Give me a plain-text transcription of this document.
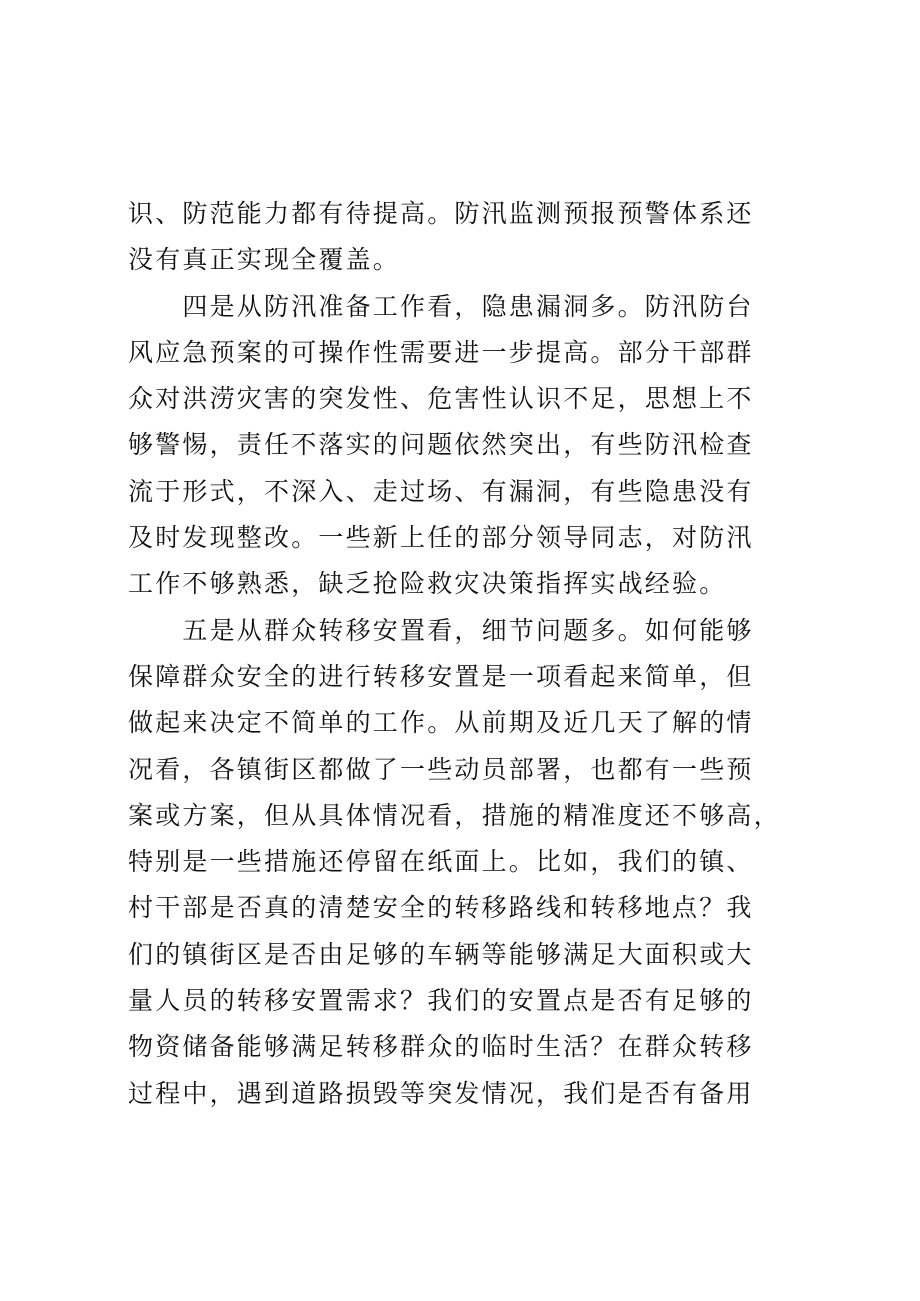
识、防范能力都有待提高。防汛监测预报预警体系还
没有真正实现全覆盖。
　　四是从防汛准备工作看，隐患漏洞多。防汛防台
风应急预案的可操作性需要进一步提高。部分干部群
众对洪涝灾害的突发性、危害性认识不足，思想上不
够警惕，责任不落实的问题依然突出，有些防汛检查
流于形式，不深入、走过场、有漏洞，有些隐患没有
及时发现整改。一些新上任的部分领导同志，对防汛
工作不够熟悉，缺乏抢险救灾决策指挥实战经验。
　　五是从群众转移安置看，细节问题多。如何能够
保障群众安全的进行转移安置是一项看起来简单，但
做起来决定不简单的工作。从前期及近几天了解的情
况看，各镇街区都做了一些动员部署，也都有一些预
案或方案，但从具体情况看，措施的精准度还不够高，
特别是一些措施还停留在纸面上。比如，我们的镇、
村干部是否真的清楚安全的转移路线和转移地点？我
们的镇街区是否由足够的车辆等能够满足大面积或大
量人员的转移安置需求？我们的安置点是否有足够的
物资储备能够满足转移群众的临时生活？在群众转移
过程中，遇到道路损毁等突发情况，我们是否有备用
